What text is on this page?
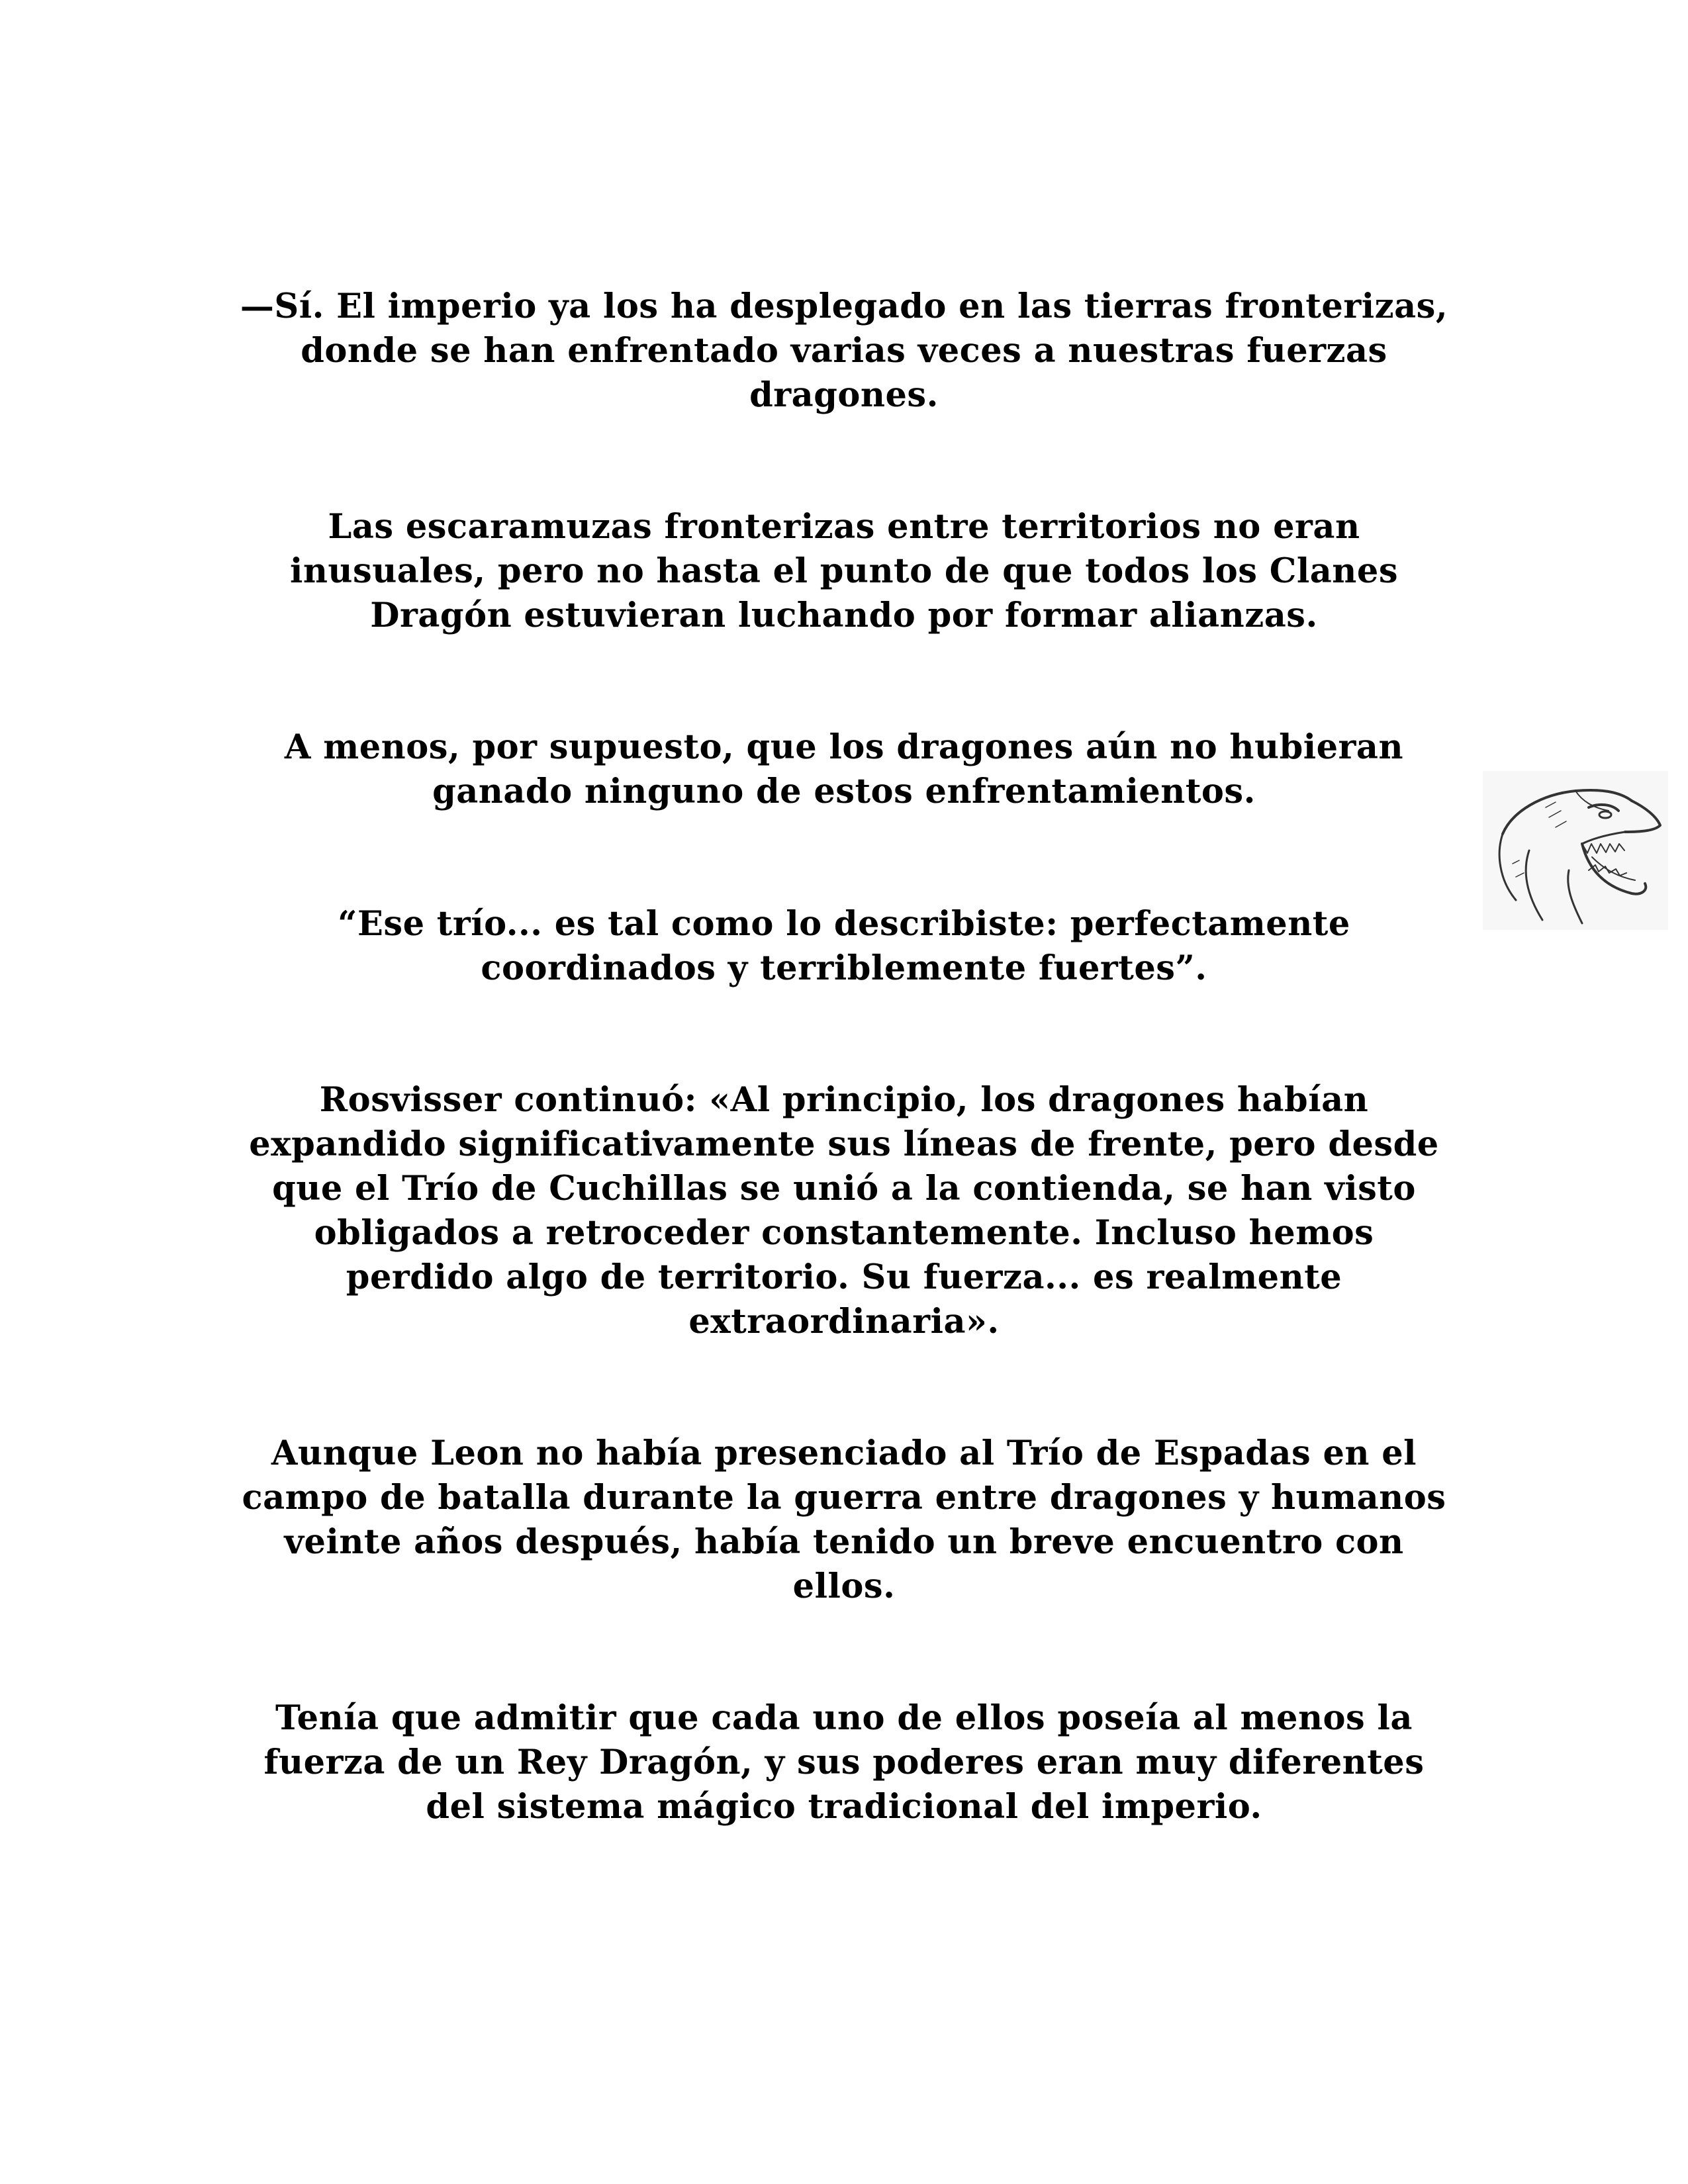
—Sí. El imperio ya los ha desplegado en las tierras fronterizas,
donde se han enfrentado varias veces a nuestras fuerzas
dragones.

Las escaramuzas fronterizas entre territorios no eran
inusuales, pero no hasta el punto de que todos los Clanes
Dragón estuvieran luchando por formar alianzas.

A menos, por supuesto, que los dragones aún no hubieran
ganado ninguno de estos enfrentamientos.

“Ese trío... es tal como lo describiste: perfectamente
coordinados y terriblemente fuertes”.

Rosvisser continuó: «Al principio, los dragones habían
expandido significativamente sus líneas de frente, pero desde
que el Trío de Cuchillas se unió a la contienda, se han visto
obligados a retroceder constantemente. Incluso hemos
perdido algo de territorio. Su fuerza... es realmente
extraordinaria».

Aunque Leon no había presenciado al Trío de Espadas en el
campo de batalla durante la guerra entre dragones y humanos
veinte años después, había tenido un breve encuentro con
ellos.

Tenía que admitir que cada uno de ellos poseía al menos la
fuerza de un Rey Dragón, y sus poderes eran muy diferentes
del sistema mágico tradicional del imperio.
